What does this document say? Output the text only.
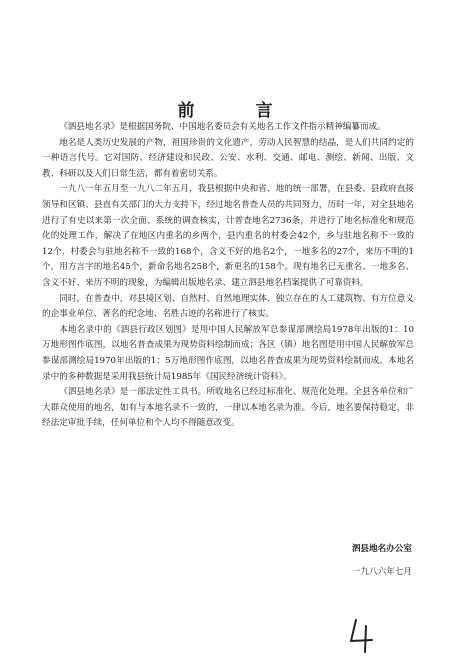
前　言

《泗县地名录》是根据国务院、中国地名委员会有关地名工作文件指示精神编纂而成。

地名是人类历史发展的产物，祖国珍贵的文化遗产，劳动人民智慧的结晶，是人们共同约定的一种语言代号。它对国防、经济建设和民政、公安、水利、交通、邮电、测绘、新闻、出版、文教、科研以及人们日常生活，都有着密切关系。

一九八一年五月至一九八二年五月，我县根据中央和省、地的统一部署，在县委、县政府直接领导和区镇、县直有关部门的大力支持下，经过地名普查人员的共同努力，历时一年，对全县地名进行了有史以来第一次全面、系统的调查核实，计普查地名2736条，并进行了地名标准化和规范化的处理工作，解决了在地区内重名的乡两个，县内重名的村委会42个，乡与驻地名称不一致的12个，村委会与驻地名称不一致的168个，含义不好的地名2个，一地多名的27个，来历不明的1个，用方言字的地名45个，新命名地名258个，新更名的158个。现有地名已无重名、一地多名、含义不好、来历不明的现象，为编辑出版地名录、建立泗县地名档案提供了可靠资料。

同时，在普查中，对县境区划、自然村、自然地理实体、独立存在的人工建筑物、有方位意义的企事业单位、著名的纪念地、名胜古迹的名称进行了核实。

本地名录中的《泗县行政区划图》是用中国人民解放军总参谋部测绘局1978年出版的1：10万地形图作底图，以地名普查成果为现势资料绘制而成；各区（镇）地名图是用中国人民解放军总参谋部测绘局1970年出版的1：5万地形图作底图，以地名普查成果为现势资料绘制而成。本地名录中的多种数据是采用我县统计局1985年《国民经济统计资料》。

《泗县地名录》是一部法定性工具书。所收地名已经过标准化、规范化处理。全县各单位和广大群众使用的地名，如有与本地名录不一致的，一律以本地名录为准。今后，地名要保持稳定，非经法定审批手续，任何单位和个人均不得随意改变。

泗县地名办公室
一九八六年七月
